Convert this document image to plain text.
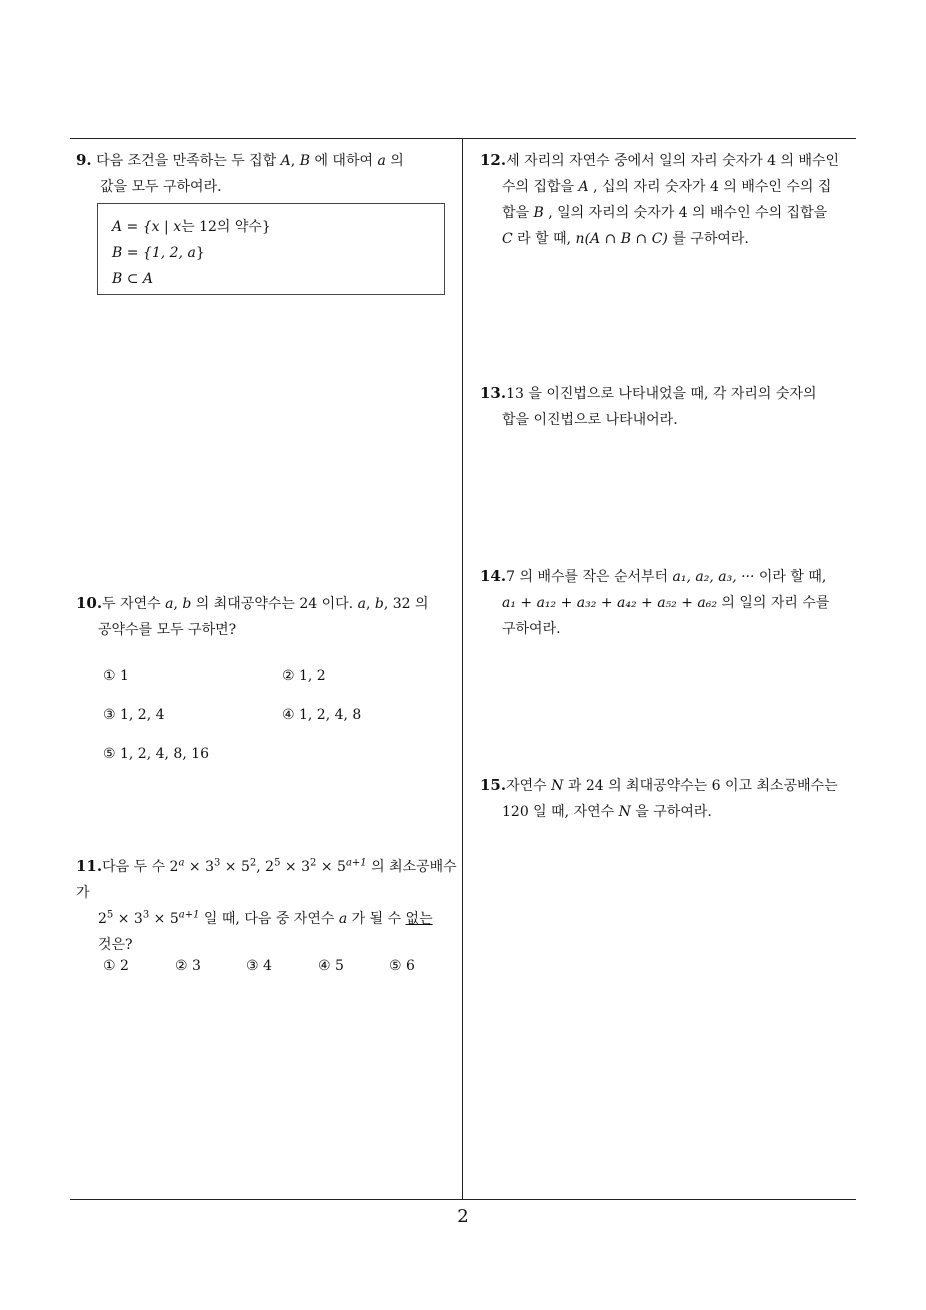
9. 다음 조건을 만족하는 두 집합 A, B 에 대하여 a 의
값을 모두 구하여라.
A = {x | x는 12의 약수}
B = {1, 2, a}
B ⊂ A
10.두 자연수 a, b 의 최대공약수는 24 이다. a, b, 32 의
공약수를 모두 구하면?
① 1	② 1, 2
③ 1, 2, 4	④ 1, 2, 4, 8
⑤ 1, 2, 4, 8, 16
11.다음 두 수 $2^a \times 3^3 \times 5^2$, $2^5 \times 3^2 \times 5^{a+1}$ 의 최소공배수가
$2^5 \times 3^3 \times 5^{a+1}$ 일 때, 다음 중 자연수 a 가 될 수 없는
것은?
① 2	② 3	③ 4	④ 5	⑤ 6
12.세 자리의 자연수 중에서 일의 자리 숫자가 4 의 배수인
수의 집합을 A , 십의 자리 숫자가 4 의 배수인 수의 집
합을 B , 일의 자리의 숫자가 4 의 배수인 수의 집합을
C 라 할 때, n(A ∩ B ∩ C) 를 구하여라.
13.13 을 이진법으로 나타내었을 때, 각 자리의 숫자의
합을 이진법으로 나타내어라.
14.7 의 배수를 작은 순서부터 a₁, a₂, a₃, ··· 이라 할 때,
a₁ + a₁₂ + a₃₂ + a₄₂ + a₅₂ + a₆₂ 의 일의 자리 수를
구하여라.
15.자연수 N 과 24 의 최대공약수는 6 이고 최소공배수는
120 일 때, 자연수 N 을 구하여라.
2
